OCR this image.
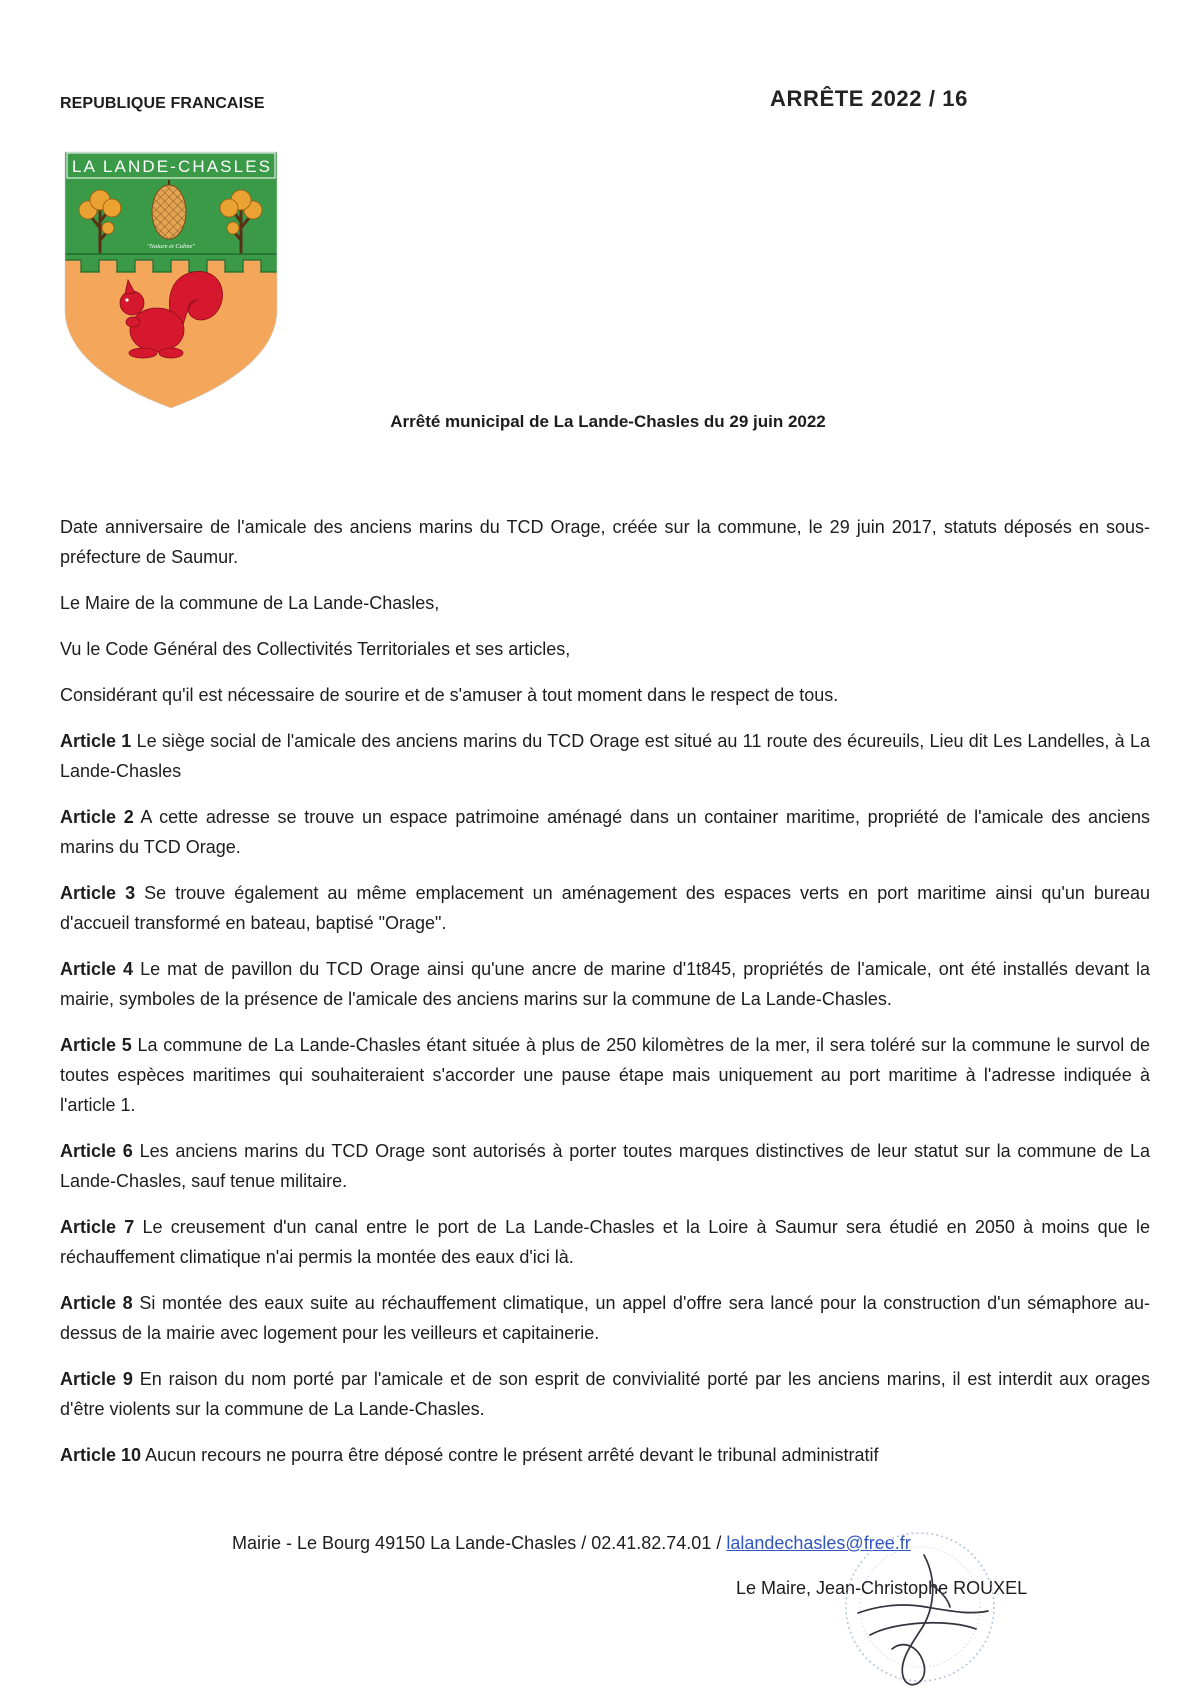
REPUBLIQUE FRANCAISE	ARRÊTE 2022 / 16
LA LANDE-CHASLES
"Nature et Calme"
Arrêté municipal de La Lande-Chasles du 29 juin 2022

Date anniversaire de l'amicale des anciens marins du TCD Orage, créée sur la commune, le 29 juin 2017, statuts déposés en sous-préfecture de Saumur.

Le Maire de la commune de La Lande-Chasles,

Vu le Code Général des Collectivités Territoriales et ses articles,

Considérant qu'il est nécessaire de sourire et de s'amuser à tout moment dans le respect de tous.

Article 1 Le siège social de l'amicale des anciens marins du TCD Orage est situé au 11 route des écureuils, Lieu dit Les Landelles, à La Lande-Chasles

Article 2 A cette adresse se trouve un espace patrimoine aménagé dans un container maritime, propriété de l'amicale des anciens marins du TCD Orage.

Article 3 Se trouve également au même emplacement un aménagement des espaces verts en port maritime ainsi qu'un bureau d'accueil transformé en bateau, baptisé "Orage".

Article 4 Le mat de pavillon du TCD Orage ainsi qu'une ancre de marine d'1t845, propriétés de l'amicale, ont été installés devant la mairie, symboles de la présence de l'amicale des anciens marins sur la commune de La Lande-Chasles.

Article 5 La commune de La Lande-Chasles étant située à plus de 250 kilomètres de la mer, il sera toléré sur la commune le survol de toutes espèces maritimes qui souhaiteraient s'accorder une pause étape mais uniquement au port maritime à l'adresse indiquée à l'article 1.

Article 6 Les anciens marins du TCD Orage sont autorisés à porter toutes marques distinctives de leur statut sur la commune de La Lande-Chasles, sauf tenue militaire.

Article 7 Le creusement d'un canal entre le port de La Lande-Chasles et la Loire à Saumur sera étudié en 2050 à moins que le réchauffement climatique n'ai permis la montée des eaux d'ici là.

Article 8 Si montée des eaux suite au réchauffement climatique, un appel d'offre sera lancé pour la construction d'un sémaphore au-dessus de la mairie avec logement pour les veilleurs et capitainerie.

Article 9 En raison du nom porté par l'amicale et de son esprit de convivialité porté par les anciens marins, il est interdit aux orages d'être violents sur la commune de La Lande-Chasles.

Article 10 Aucun recours ne pourra être déposé contre le présent arrêté devant le tribunal administratif

Mairie - Le Bourg 49150 La Lande-Chasles / 02.41.82.74.01 / lalandechasles@free.fr
Le Maire, Jean-Christophe ROUXEL
